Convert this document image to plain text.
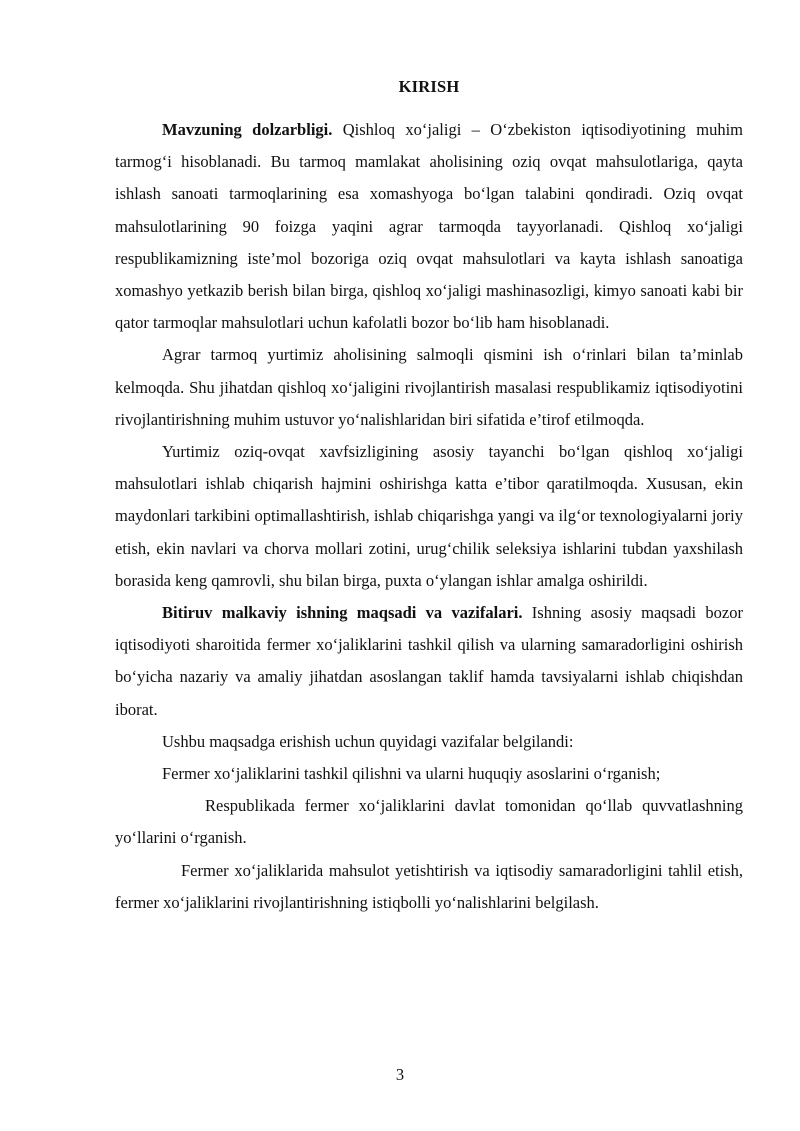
KIRISH

Mavzuning dolzarbligi. Qishloq xo‘jaligi – O‘zbekiston iqtisodiyotining muhim tarmog‘i hisoblanadi. Bu tarmoq mamlakat aholisining oziq ovqat mahsulotlariga, qayta ishlash sanoati tarmoqlarining esa xomashyoga bo‘lgan talabini qondiradi. Oziq ovqat mahsulotlarining 90 foizga yaqini agrar tarmoqda tayyorlanadi. Qishloq xo‘jaligi respublikamizning iste’mol bozoriga oziq ovqat mahsulotlari va kayta ishlash sanoatiga xomashyo yetkazib berish bilan birga, qishloq xo‘jaligi mashinasozligi, kimyo sanoati kabi bir qator tarmoqlar mahsulotlari uchun kafolatli bozor bo‘lib ham hisoblanadi.

Agrar tarmoq yurtimiz aholisining salmoqli qismini ish o‘rinlari bilan ta’minlab kelmoqda. Shu jihatdan qishloq xo‘jaligini rivojlantirish masalasi respublikamiz iqtisodiyotini rivojlantirishning muhim ustuvor yo‘nalishlaridan biri sifatida e’tirof etilmoqda.

Yurtimiz oziq-ovqat xavfsizligining asosiy tayanchi bo‘lgan qishloq xo‘jaligi mahsulotlari ishlab chiqarish hajmini oshirishga katta e’tibor qaratilmoqda. Xususan, ekin maydonlari tarkibini optimallashtirish, ishlab chiqarishga yangi va ilg‘or texnologiyalarni joriy etish, ekin navlari va chorva mollari zotini, urug‘chilik seleksiya ishlarini tubdan yaxshilash borasida keng qamrovli, shu bilan birga, puxta o‘ylangan ishlar amalga oshirildi.

Bitiruv malkaviy ishning maqsadi va vazifalari. Ishning asosiy maqsadi bozor iqtisodiyoti sharoitida fermer xo‘jaliklarini tashkil qilish va ularning samaradorligini oshirish bo‘yicha nazariy va amaliy jihatdan asoslangan taklif hamda tavsiyalarni ishlab chiqishdan iborat.

Ushbu maqsadga erishish uchun quyidagi vazifalar belgilandi:

Fermer xo‘jaliklarini tashkil qilishni va ularni huquqiy asoslarini o‘rganish;

Respublikada fermer xo‘jaliklarini davlat tomonidan qo‘llab quvvatlashning yo‘llarini o‘rganish.

Fermer xo‘jaliklarida mahsulot yetishtirish va iqtisodiy samaradorligini tahlil etish, fermer xo‘jaliklarini rivojlantirishning istiqbolli yo‘nalishlarini belgilash.

3
